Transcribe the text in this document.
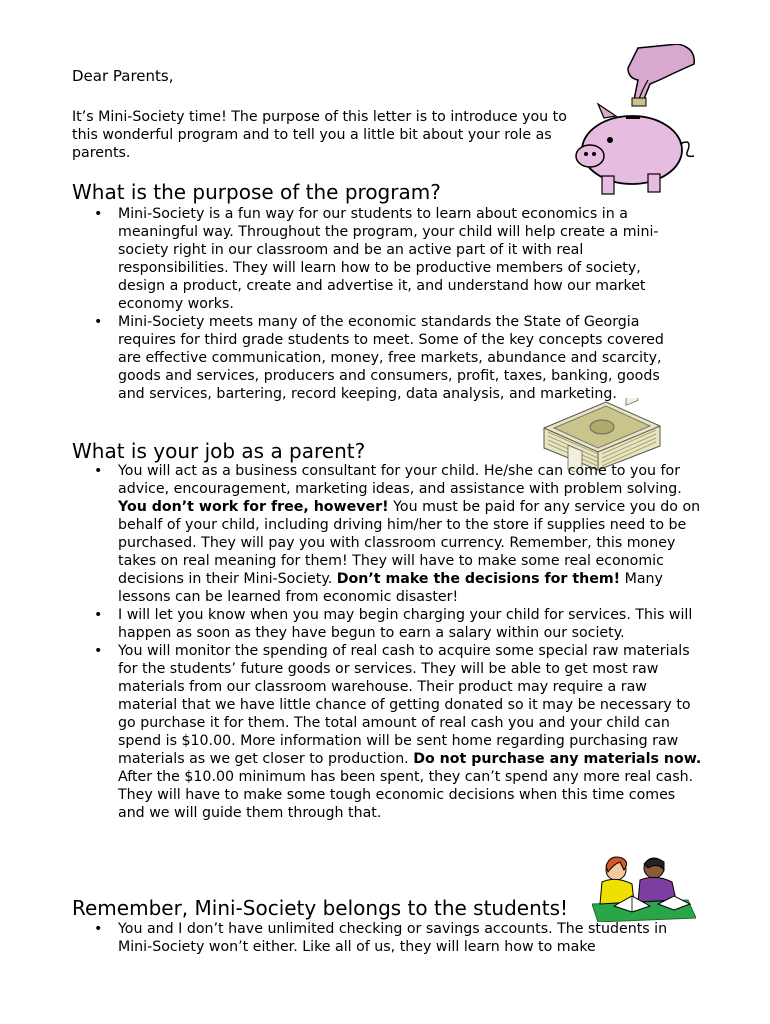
Dear Parents,
It’s Mini-Society time! The purpose of this letter is to introduce you to this wonderful program and to tell you a little bit about your role as parents.
What is the purpose of the program?
• Mini-Society is a fun way for our students to learn about economics in a meaningful way. Throughout the program, your child will help create a mini-society right in our classroom and be an active part of it with real responsibilities. They will learn how to be productive members of society, design a product, create and advertise it, and understand how our market economy works.
• Mini-Society meets many of the economic standards the State of Georgia requires for third grade students to meet. Some of the key concepts covered are effective communication, money, free markets, abundance and scarcity, goods and services, producers and consumers, profit, taxes, banking, goods and services, bartering, record keeping, data analysis, and marketing.
What is your job as a parent?
• You will act as a business consultant for your child. He/she can come to you for advice, encouragement, marketing ideas, and assistance with problem solving. You don’t work for free, however! You must be paid for any service you do on behalf of your child, including driving him/her to the store if supplies need to be purchased. They will pay you with classroom currency. Remember, this money takes on real meaning for them! They will have to make some real economic decisions in their Mini-Society. Don’t make the decisions for them! Many lessons can be learned from economic disaster!
• I will let you know when you may begin charging your child for services. This will happen as soon as they have begun to earn a salary within our society.
• You will monitor the spending of real cash to acquire some special raw materials for the students’ future goods or services. They will be able to get most raw materials from our classroom warehouse. Their product may require a raw material that we have little chance of getting donated so it may be necessary to go purchase it for them. The total amount of real cash you and your child can spend is $10.00. More information will be sent home regarding purchasing raw materials as we get closer to production. Do not purchase any materials now. After the $10.00 minimum has been spent, they can’t spend any more real cash. They will have to make some tough economic decisions when this time comes and we will guide them through that.
Remember, Mini-Society belongs to the students!
• You and I don’t have unlimited checking or savings accounts. The students in Mini-Society won’t either. Like all of us, they will learn how to make
